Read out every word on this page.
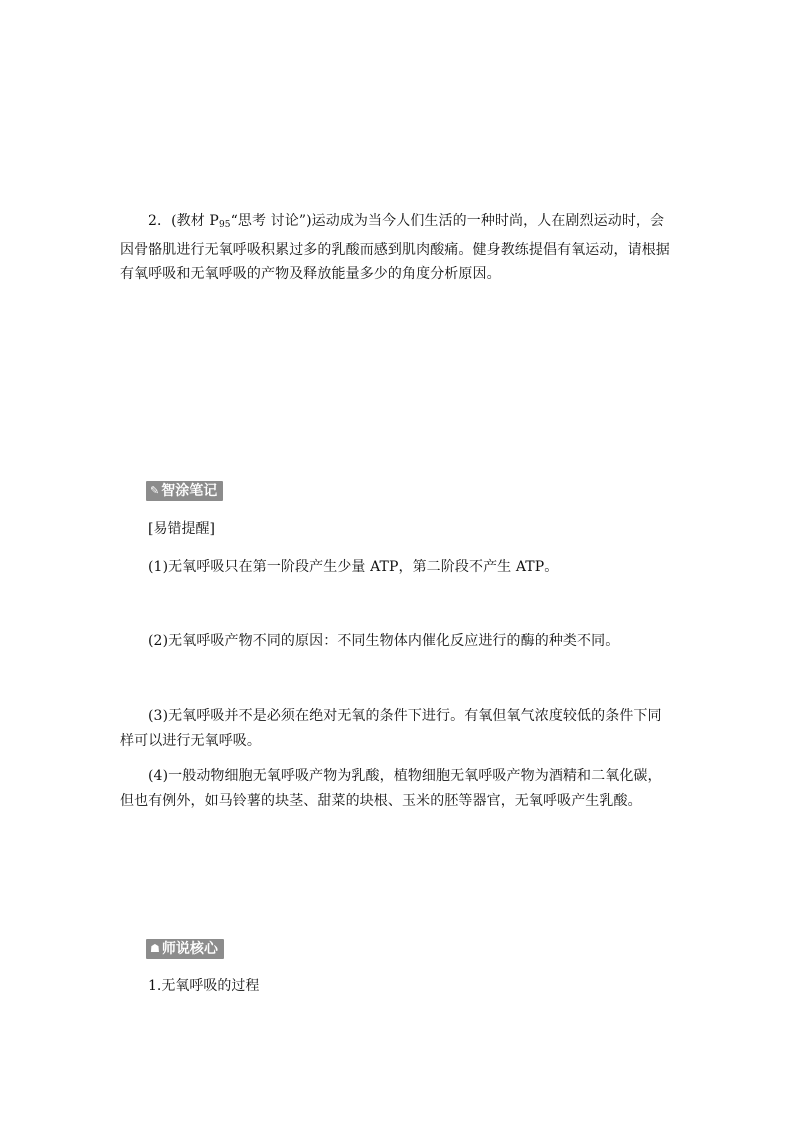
2．(教材 $P_{95}“$思考 讨论”)运动成为当今人们生活的一种时尚，人在剧烈运动时，会因骨骼肌进行无氧呼吸积累过多的乳酸而感到肌肉酸痛。健身教练提倡有氧运动，请根据有氧呼吸和无氧呼吸的产物及释放能量多少的角度分析原因。

✎ 智涂笔记

[易错提醒]

(1)无氧呼吸只在第一阶段产生少量 ATP，第二阶段不产生 ATP。

(2)无氧呼吸产物不同的原因：不同生物体内催化反应进行的酶的种类不同。

(3)无氧呼吸并不是必须在绝对无氧的条件下进行。有氧但氧气浓度较低的条件下同样可以进行无氧呼吸。

(4)一般动物细胞无氧呼吸产物为乳酸，植物细胞无氧呼吸产物为酒精和二氧化碳，但也有例外，如马铃薯的块茎、甜菜的块根、玉米的胚等器官，无氧呼吸产生乳酸。

☗ 师说核心

1.无氧呼吸的过程
